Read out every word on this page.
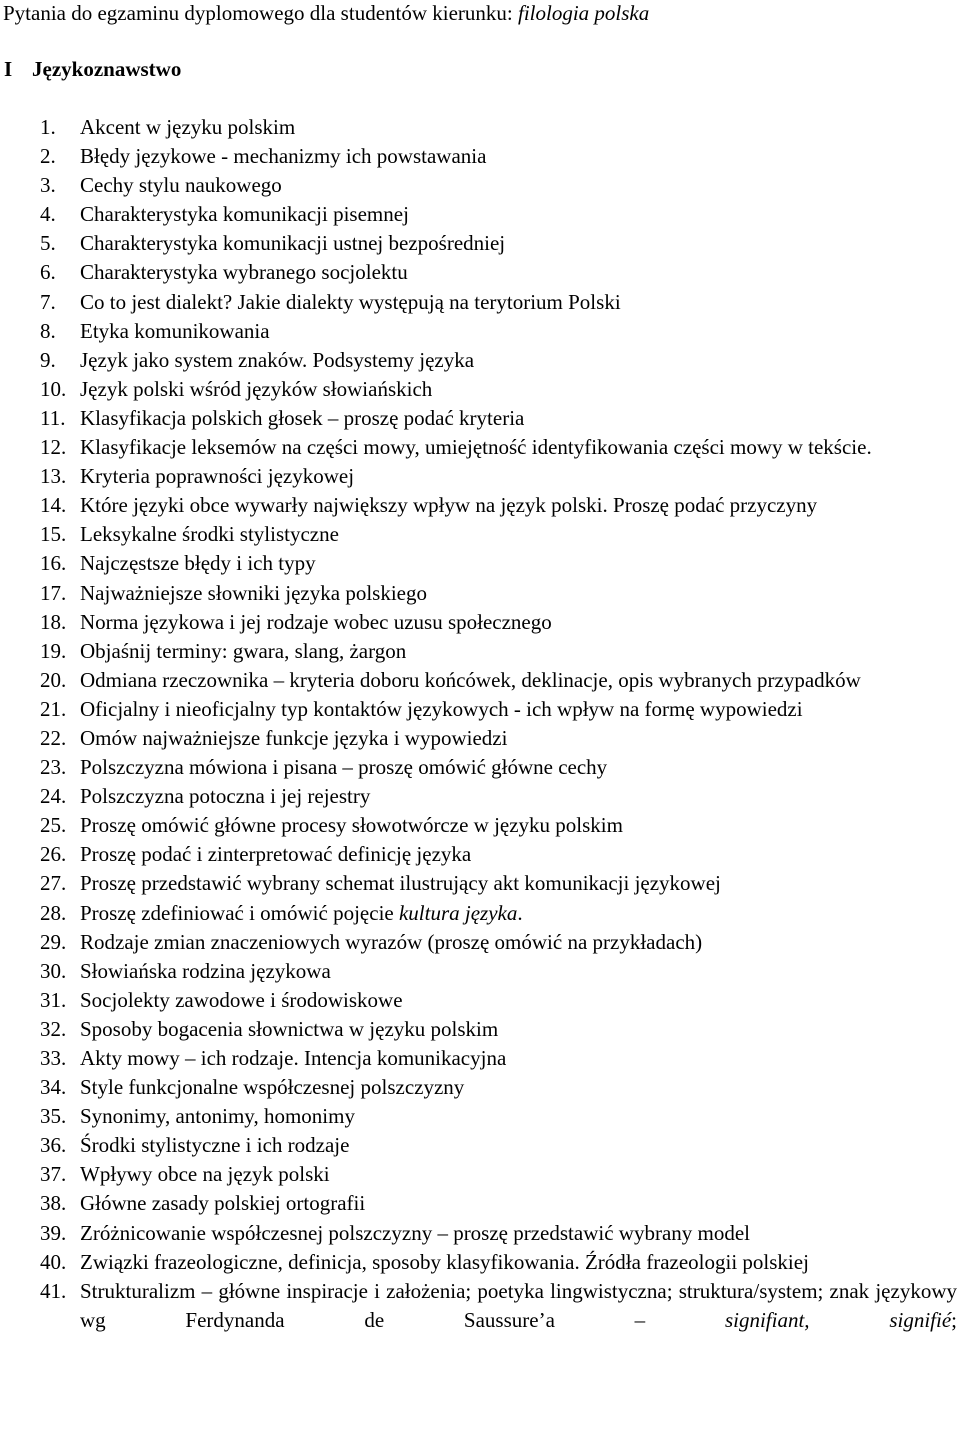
Pytania do egzaminu dyplomowego dla studentów kierunku: filologia polska
I Językoznawstwo
1.	Akcent w języku polskim
2.	Błędy językowe - mechanizmy ich powstawania
3.	Cechy stylu naukowego
4.	Charakterystyka komunikacji pisemnej
5.	Charakterystyka komunikacji ustnej bezpośredniej
6.	Charakterystyka wybranego socjolektu
7.	Co to jest dialekt? Jakie dialekty występują na terytorium Polski
8.	Etyka komunikowania
9.	Język jako system znaków. Podsystemy języka
10. Język polski wśród języków słowiańskich
11. Klasyfikacja polskich głosek – proszę podać kryteria
12. Klasyfikacje leksemów na części mowy, umiejętność identyfikowania części mowy w tekście.
13. Kryteria poprawności językowej
14. Które języki obce wywarły największy wpływ na język polski. Proszę podać przyczyny
15. Leksykalne środki stylistyczne
16. Najczęstsze błędy i ich typy
17. Najważniejsze słowniki języka polskiego
18. Norma językowa i jej rodzaje wobec uzusu społecznego
19. Objaśnij terminy: gwara, slang, żargon
20. Odmiana rzeczownika – kryteria doboru końcówek, deklinacje, opis wybranych przypadków
21. Oficjalny i nieoficjalny typ kontaktów językowych - ich wpływ na formę wypowiedzi
22. Omów najważniejsze funkcje języka i wypowiedzi
23. Polszczyzna mówiona i pisana – proszę omówić główne cechy
24. Polszczyzna potoczna i jej rejestry
25. Proszę omówić główne procesy słowotwórcze w języku polskim
26. Proszę podać i zinterpretować definicję języka
27. Proszę przedstawić wybrany schemat ilustrujący akt komunikacji językowej
28. Proszę zdefiniować i omówić pojęcie kultura języka.
29. Rodzaje zmian znaczeniowych wyrazów (proszę omówić na przykładach)
30. Słowiańska rodzina językowa
31. Socjolekty zawodowe i środowiskowe
32. Sposoby bogacenia słownictwa w języku polskim
33. Akty mowy – ich rodzaje. Intencja komunikacyjna
34. Style funkcjonalne współczesnej polszczyzny
35. Synonimy, antonimy, homonimy
36. Środki stylistyczne i ich rodzaje
37. Wpływy obce na język polski
38. Główne zasady polskiej ortografii
39. Zróżnicowanie współczesnej polszczyzny – proszę przedstawić wybrany model
40. Związki frazeologiczne, definicja, sposoby klasyfikowania. Źródła frazeologii polskiej
41. Strukturalizm – główne inspiracje i założenia; poetyka lingwistyczna; struktura/system; znak językowy wg Ferdynanda de Saussure’a – signifiant, signifié;
